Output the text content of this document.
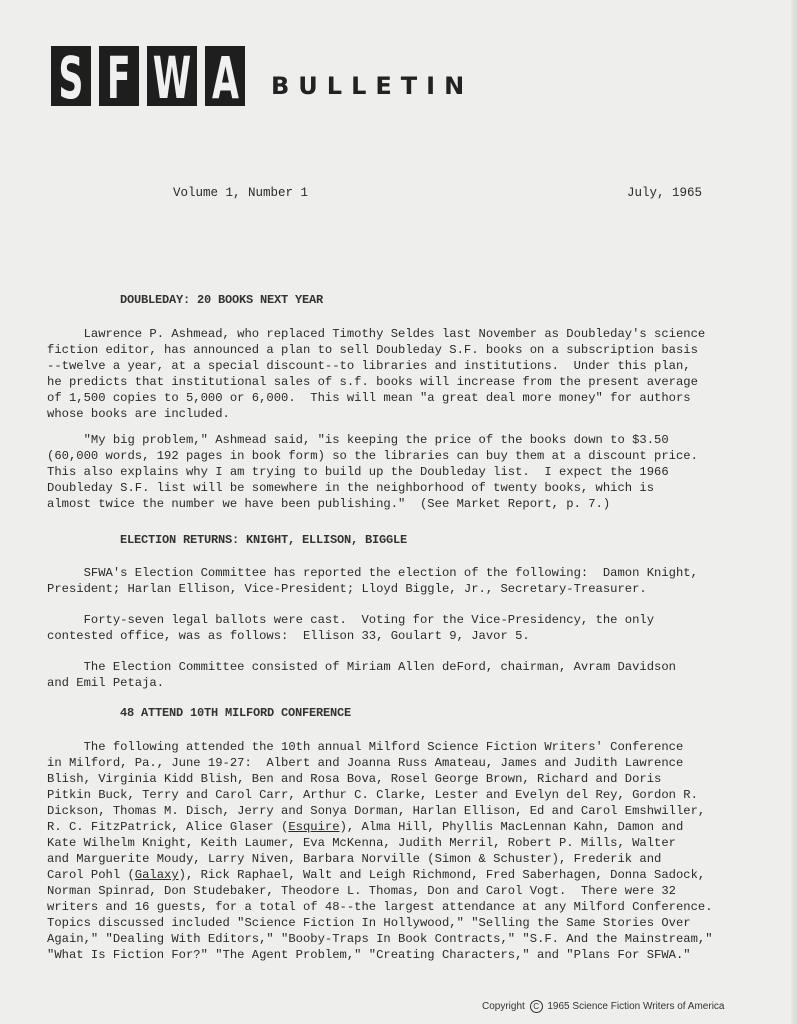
S F W A BULLETIN
Volume 1, Number 1	July, 1965
DOUBLEDAY: 20 BOOKS NEXT YEAR
Lawrence P. Ashmead, who replaced Timothy Seldes last November as Doubleday's science
fiction editor, has announced a plan to sell Doubleday S.F. books on a subscription basis
--twelve a year, at a special discount--to libraries and institutions.  Under this plan,
he predicts that institutional sales of s.f. books will increase from the present average
of 1,500 copies to 5,000 or 6,000.  This will mean "a great deal more money" for authors
whose books are included.
"My big problem," Ashmead said, "is keeping the price of the books down to $3.50
(60,000 words, 192 pages in book form) so the libraries can buy them at a discount price.
This also explains why I am trying to build up the Doubleday list.  I expect the 1966
Doubleday S.F. list will be somewhere in the neighborhood of twenty books, which is
almost twice the number we have been publishing."  (See Market Report, p. 7.)
ELECTION RETURNS: KNIGHT, ELLISON, BIGGLE
SFWA's Election Committee has reported the election of the following:  Damon Knight,
President; Harlan Ellison, Vice-President; Lloyd Biggle, Jr., Secretary-Treasurer.
Forty-seven legal ballots were cast.  Voting for the Vice-Presidency, the only
contested office, was as follows:  Ellison 33, Goulart 9, Javor 5.
The Election Committee consisted of Miriam Allen deFord, chairman, Avram Davidson
and Emil Petaja.
48 ATTEND 10TH MILFORD CONFERENCE
The following attended the 10th annual Milford Science Fiction Writers' Conference
in Milford, Pa., June 19-27:  Albert and Joanna Russ Amateau, James and Judith Lawrence
Blish, Virginia Kidd Blish, Ben and Rosa Bova, Rosel George Brown, Richard and Doris
Pitkin Buck, Terry and Carol Carr, Arthur C. Clarke, Lester and Evelyn del Rey, Gordon R.
Dickson, Thomas M. Disch, Jerry and Sonya Dorman, Harlan Ellison, Ed and Carol Emshwiller,
R. C. FitzPatrick, Alice Glaser (Esquire), Alma Hill, Phyllis MacLennan Kahn, Damon and
Kate Wilhelm Knight, Keith Laumer, Eva McKenna, Judith Merril, Robert P. Mills, Walter
and Marguerite Moudy, Larry Niven, Barbara Norville (Simon & Schuster), Frederik and
Carol Pohl (Galaxy), Rick Raphael, Walt and Leigh Richmond, Fred Saberhagen, Donna Sadock,
Norman Spinrad, Don Studebaker, Theodore L. Thomas, Don and Carol Vogt.  There were 32
writers and 16 guests, for a total of 48--the largest attendance at any Milford Conference.
Topics discussed included "Science Fiction In Hollywood," "Selling the Same Stories Over
Again," "Dealing With Editors," "Booby-Traps In Book Contracts," "S.F. And the Mainstream,"
"What Is Fiction For?" "The Agent Problem," "Creating Characters," and "Plans For SFWA."
Copyright C 1965 Science Fiction Writers of America
